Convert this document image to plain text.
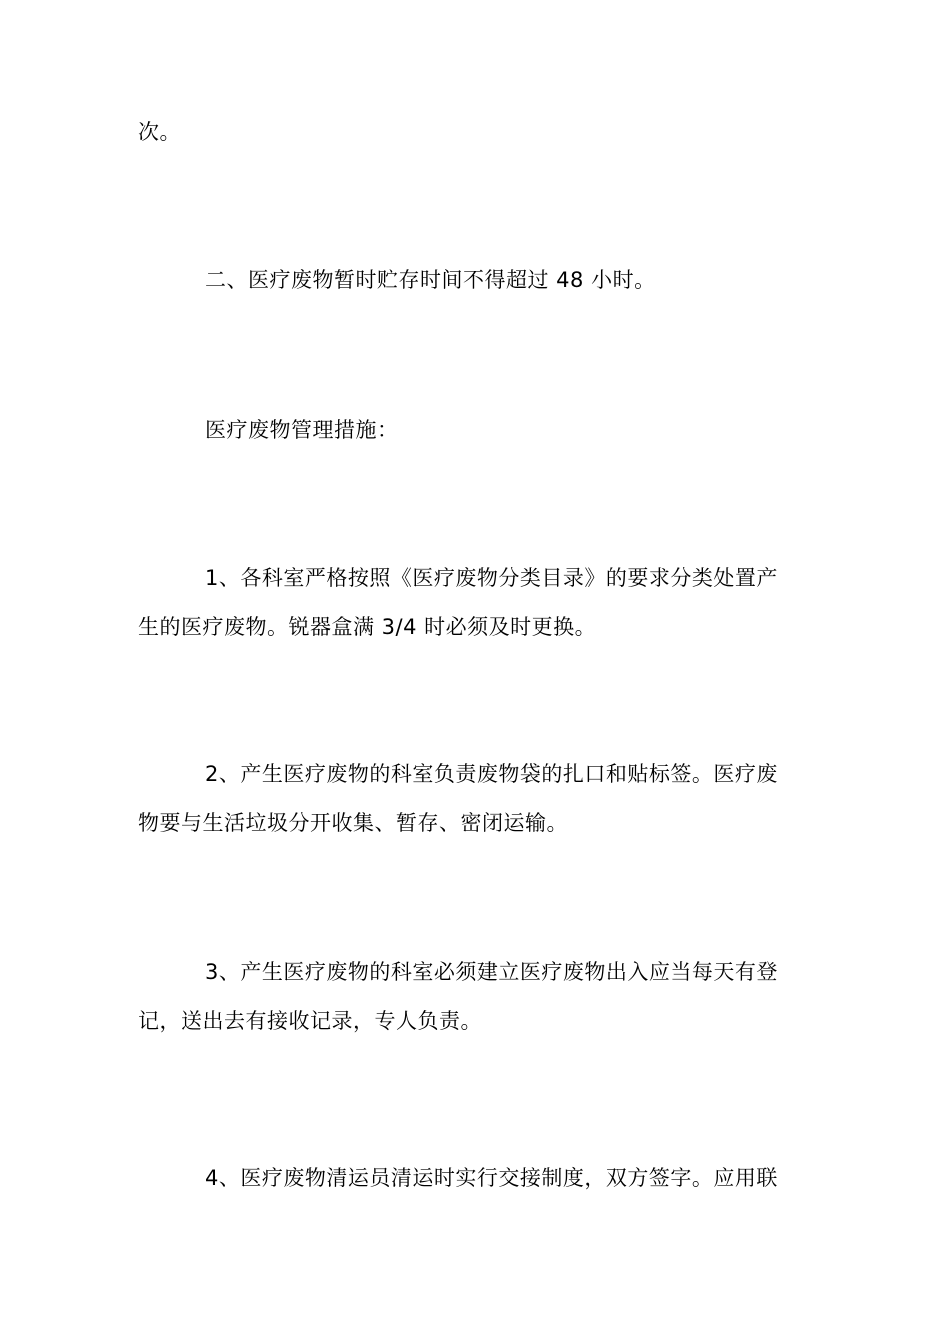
次。
二、医疗废物暂时贮存时间不得超过 48 小时。
医疗废物管理措施：
1、各科室严格按照《医疗废物分类目录》的要求分类处置产
生的医疗废物。锐器盒满 3/4 时必须及时更换。
2、产生医疗废物的科室负责废物袋的扎口和贴标签。医疗废
物要与生活垃圾分开收集、暂存、密闭运输。
3、产生医疗废物的科室必须建立医疗废物出入应当每天有登
记，送出去有接收记录，专人负责。
4、医疗废物清运员清运时实行交接制度，双方签字。应用联
